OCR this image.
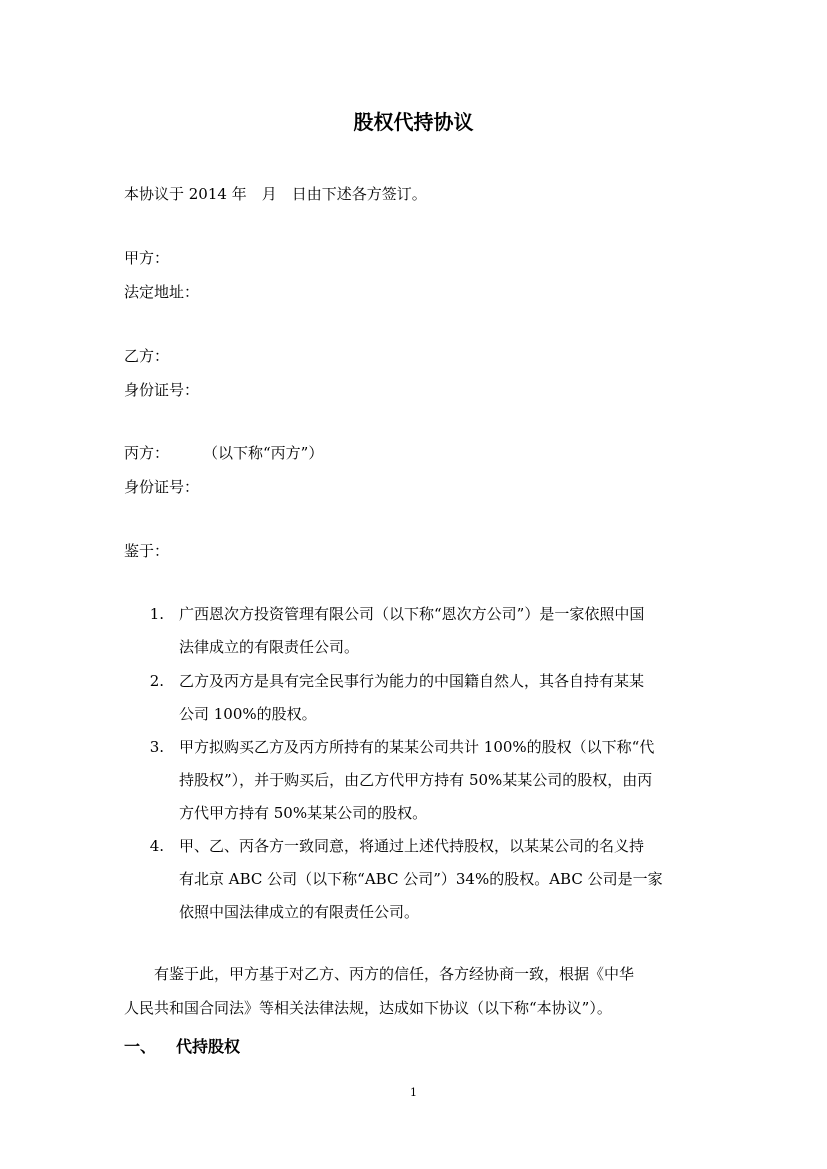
股权代持协议
本协议于 2014 年　月　日由下述各方签订。
甲方：
法定地址：
乙方：
身份证号：
丙方： （以下称“丙方”）
身份证号：
鉴于：
1. 广西恩次方投资管理有限公司（以下称“恩次方公司”）是一家依照中国
法律成立的有限责任公司。
2. 乙方及丙方是具有完全民事行为能力的中国籍自然人，其各自持有某某
公司 100%的股权。
3. 甲方拟购买乙方及丙方所持有的某某公司共计 100%的股权（以下称“代
持股权”），并于购买后，由乙方代甲方持有 50%某某公司的股权，由丙
方代甲方持有 50%某某公司的股权。
4. 甲、乙、丙各方一致同意，将通过上述代持股权，以某某公司的名义持
有北京 ABC 公司（以下称“ABC 公司”）34%的股权。ABC 公司是一家
依照中国法律成立的有限责任公司。
　　有鉴于此，甲方基于对乙方、丙方的信任，各方经协商一致，根据《中华
人民共和国合同法》等相关法律法规，达成如下协议（以下称“本协议”）。
一、 代持股权
1
